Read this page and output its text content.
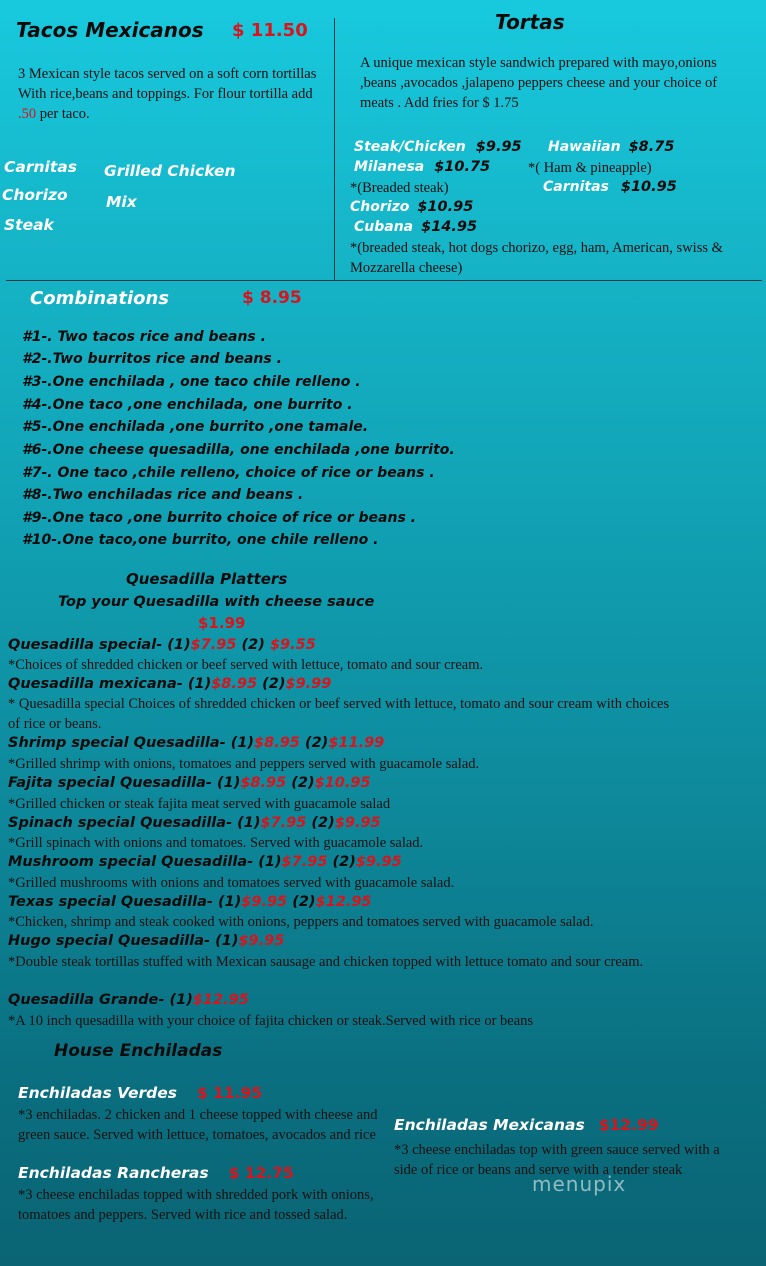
Tacos Mexicanos $ 11.50
3 Mexican style tacos served on a soft corn tortillas With rice,beans and toppings. For flour tortilla add .50 per taco.
Carnitas
Chorizo
Steak
Grilled Chicken
Mix
Tortas
A unique mexican style sandwich prepared with mayo,onions ,beans ,avocados ,jalapeno peppers cheese and your choice of meats . Add fries for $ 1.75
Steak/Chicken $9.95 Hawaiian $8.75
Milanesa $10.75	*( Ham & pineapple)
*(Breaded steak)	Carnitas $10.95
Chorizo $10.95
Cubana $14.95
*(breaded steak, hot dogs chorizo, egg, ham, American, swiss & Mozzarella cheese)
Combinations	$ 8.95
#1-. Two tacos rice and beans .
#2-.Two burritos rice and beans .
#3-.One enchilada , one taco chile relleno .
#4-.One taco ,one enchilada, one burrito .
#5-.One enchilada ,one burrito ,one tamale.
#6-.One cheese quesadilla, one enchilada ,one burrito.
#7-. One taco ,chile relleno, choice of rice or beans .
#8-.Two enchiladas rice and beans .
#9-.One taco ,one burrito choice of rice or beans .
#10-.One taco,one burrito, one chile relleno .
Quesadilla Platters
Top your Quesadilla with cheese sauce
$1.99
Quesadilla special- (1)$7.95 (2) $9.55
*Choices of shredded chicken or beef served with lettuce, tomato and sour cream.
Quesadilla mexicana- (1)$8.95 (2)$9.99
* Quesadilla special Choices of shredded chicken or beef served with lettuce, tomato and sour cream with choices of rice or beans.
Shrimp special Quesadilla- (1)$8.95 (2)$11.99
*Grilled shrimp with onions, tomatoes and peppers served with guacamole salad.
Fajita special Quesadilla- (1)$8.95 (2)$10.95
*Grilled chicken or steak fajita meat served with guacamole salad
Spinach special Quesadilla- (1)$7.95 (2)$9.95
*Grill spinach with onions and tomatoes. Served with guacamole salad.
Mushroom special Quesadilla- (1)$7.95 (2)$9.95
*Grilled mushrooms with onions and tomatoes served with guacamole salad.
Texas special Quesadilla- (1)$9.95 (2)$12.95
*Chicken, shrimp and steak cooked with onions, peppers and tomatoes served with guacamole salad.
Hugo special Quesadilla- (1)$9.95
*Double steak tortillas stuffed with Mexican sausage and chicken topped with lettuce tomato and sour cream.
Quesadilla Grande- (1)$12.95
*A 10 inch quesadilla with your choice of fajita chicken or steak.Served with rice or beans
House Enchiladas
Enchiladas Verdes $ 11.95
*3 enchiladas. 2 chicken and 1 cheese topped with cheese and green sauce. Served with lettuce, tomatoes, avocados and rice
Enchiladas Rancheras $ 12.75
*3 cheese enchiladas topped with shredded pork with onions, tomatoes and peppers. Served with rice and tossed salad.
Enchiladas Mexicanas $12.99
*3 cheese enchiladas top with green sauce served with a side of rice or beans and serve with a tender steak
menupix
